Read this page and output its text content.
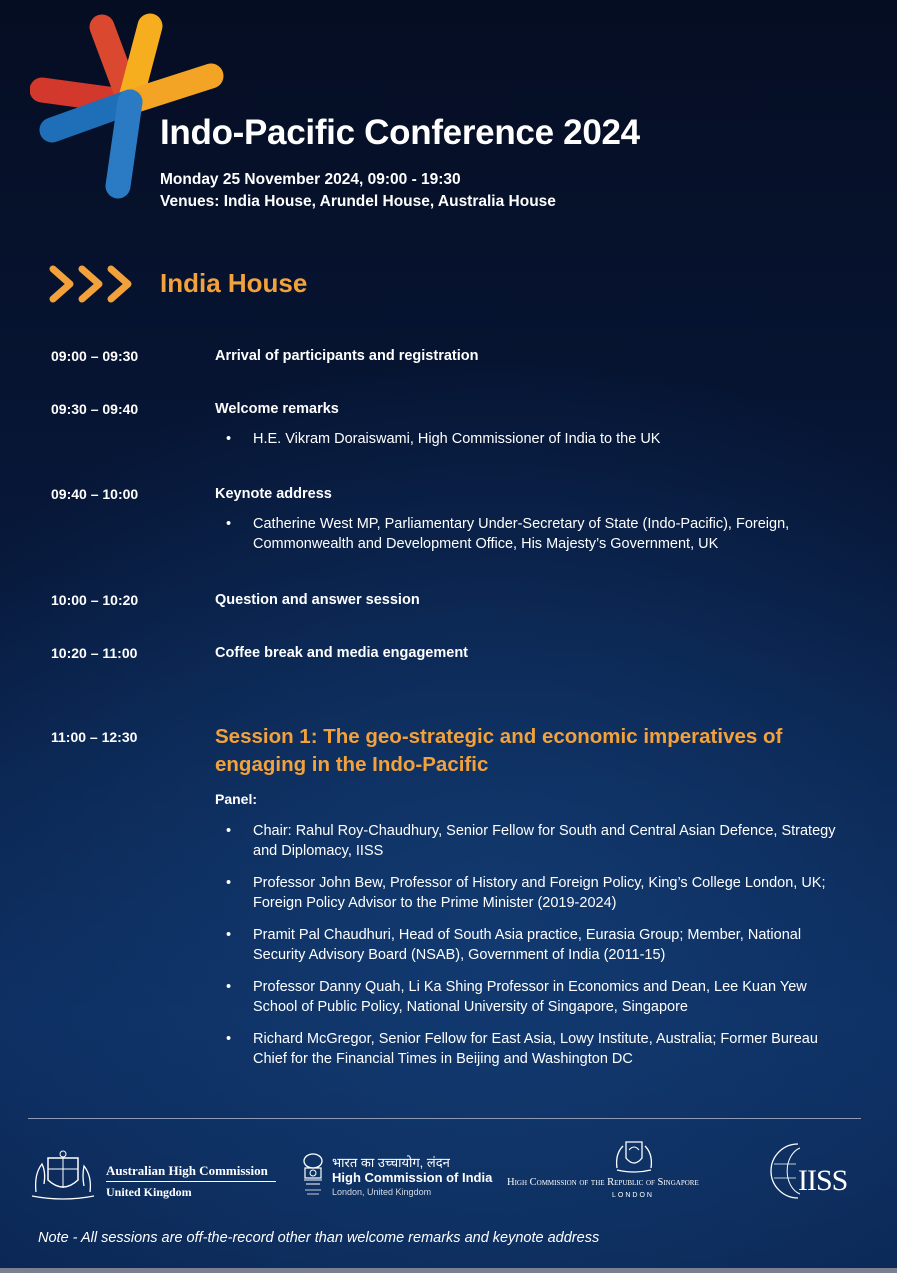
Indo-Pacific Conference 2024
Monday 25 November 2024, 09:00 - 19:30
Venues: India House, Arundel House, Australia House
India House
09:00 – 09:30	Arrival of participants and registration
09:30 – 09:40	Welcome remarks
• H.E. Vikram Doraiswami, High Commissioner of India to the UK
09:40 – 10:00	Keynote address
• Catherine West MP, Parliamentary Under-Secretary of State (Indo-Pacific), Foreign, Commonwealth and Development Office, His Majesty’s Government, UK
10:00 – 10:20	Question and answer session
10:20 – 11:00	Coffee break and media engagement
11:00 – 12:30	Session 1: The geo-strategic and economic imperatives of engaging in the Indo-Pacific
Panel:
• Chair: Rahul Roy-Chaudhury, Senior Fellow for South and Central Asian Defence, Strategy and Diplomacy, IISS
• Professor John Bew, Professor of History and Foreign Policy, King’s College London, UK; Foreign Policy Advisor to the Prime Minister (2019-2024)
• Pramit Pal Chaudhuri, Head of South Asia practice, Eurasia Group; Member, National Security Advisory Board (NSAB), Government of India (2011-15)
• Professor Danny Quah, Li Ka Shing Professor in Economics and Dean, Lee Kuan Yew School of Public Policy, National University of Singapore, Singapore
• Richard McGregor, Senior Fellow for East Asia, Lowy Institute, Australia; Former Bureau Chief for the Financial Times in Beijing and Washington DC
Australian High Commission
United Kingdom
भारत का उच्चायोग, लंदन
High Commission of India
London, United Kingdom
High Commission of the Republic of Singapore
LONDON	IISS
Note - All sessions are off-the-record other than welcome remarks and keynote address
